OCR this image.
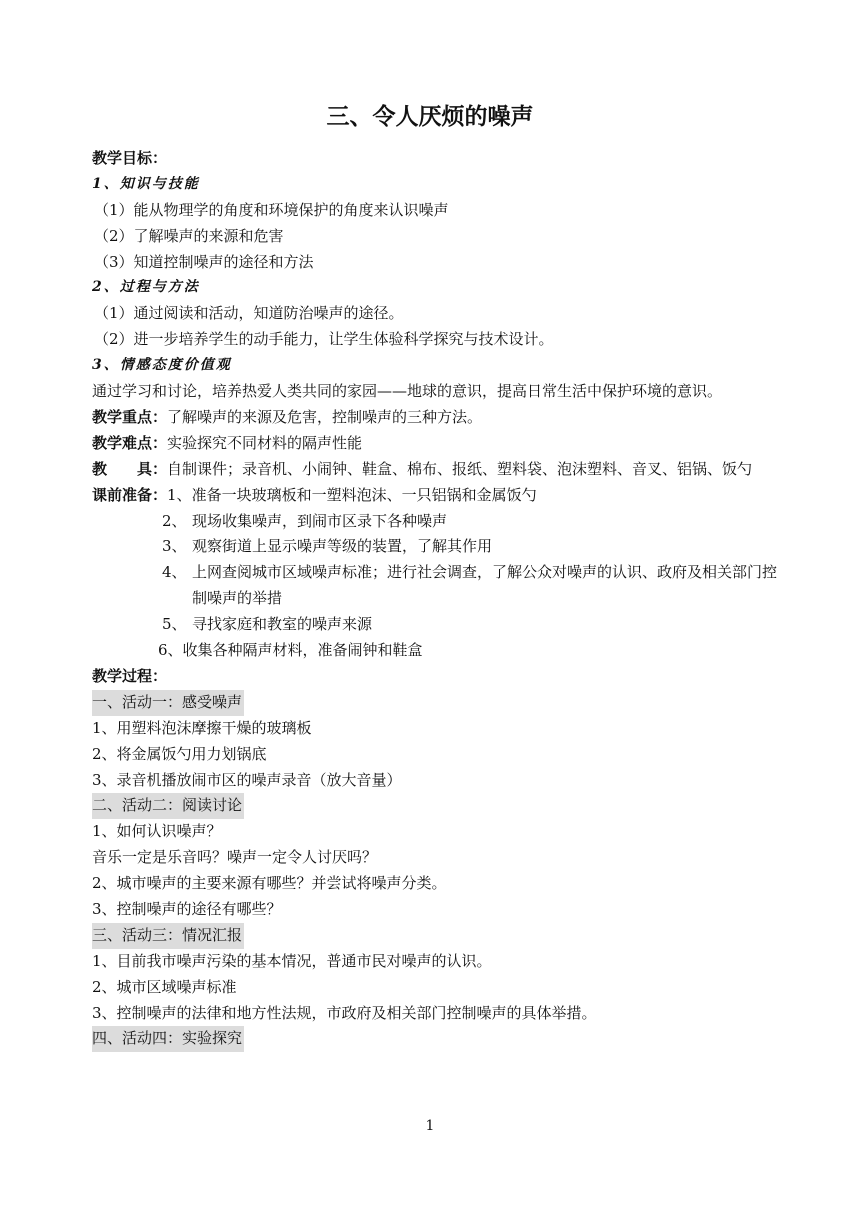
三、令人厌烦的噪声
教学目标：
1、知识与技能
（1）能从物理学的角度和环境保护的角度来认识噪声
（2）了解噪声的来源和危害
（3）知道控制噪声的途径和方法
2、过程与方法
（1）通过阅读和活动，知道防治噪声的途径。
（2）进一步培养学生的动手能力，让学生体验科学探究与技术设计。
3、情感态度价值观
通过学习和讨论，培养热爱人类共同的家园——地球的意识，提高日常生活中保护环境的意识。
教学重点：了解噪声的来源及危害，控制噪声的三种方法。
教学难点：实验探究不同材料的隔声性能
教　　具： 自制课件；录音机、小闹钟、鞋盒、棉布、报纸、塑料袋、泡沫塑料、音叉、铝锅、饭勺
课前准备： 1、 准备一块玻璃板和一塑料泡沫、一只铝锅和金属饭勺
2、 现场收集噪声，到闹市区录下各种噪声
3、 观察街道上显示噪声等级的装置，了解其作用
4、 上网查阅城市区域噪声标准；进行社会调查，了解公众对噪声的认识、政府及相关部门控制噪声的举措
5、 寻找家庭和教室的噪声来源
6、 收集各种隔声材料，准备闹钟和鞋盒
教学过程：
一、活动一：感受噪声
1、用塑料泡沫摩擦干燥的玻璃板
2、将金属饭勺用力划锅底
3、录音机播放闹市区的噪声录音（放大音量）
二、活动二：阅读讨论
1、如何认识噪声？
音乐一定是乐音吗？噪声一定令人讨厌吗？
2、城市噪声的主要来源有哪些？并尝试将噪声分类。
3、控制噪声的途径有哪些？
三、活动三：情况汇报
1、目前我市噪声污染的基本情况，普通市民对噪声的认识。
2、城市区域噪声标准
3、控制噪声的法律和地方性法规，市政府及相关部门控制噪声的具体举措。
四、活动四：实验探究
1
